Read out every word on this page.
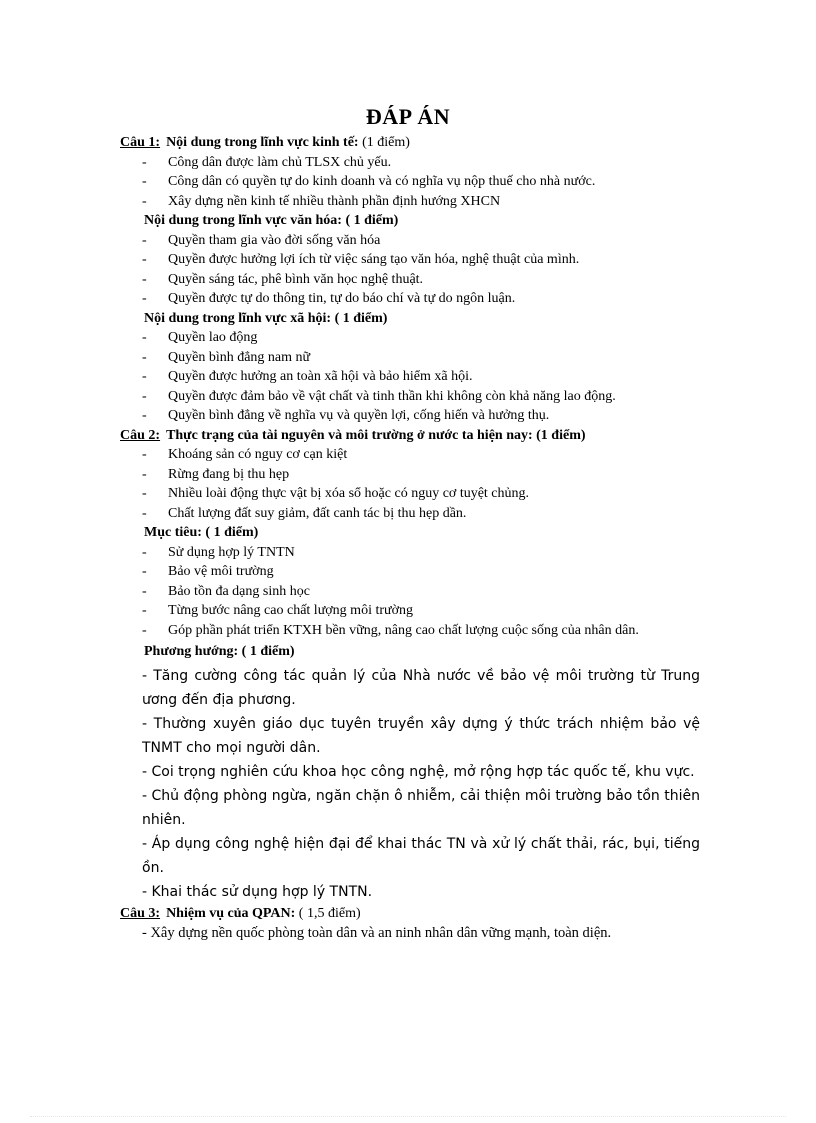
ĐÁP ÁN
Câu 1: Nội dung trong lĩnh vực kinh tế: (1 điểm)
- Công dân được làm chủ TLSX chủ yếu.
- Công dân có quyền tự do kinh doanh và có nghĩa vụ nộp thuế cho nhà nước.
- Xây dựng nền kinh tế nhiều thành phần định hướng XHCN
Nội dung trong lĩnh vực văn hóa: ( 1 điểm)
- Quyền tham gia vào đời sống văn hóa
- Quyền được hưởng lợi ích từ việc sáng tạo văn hóa, nghệ thuật của mình.
- Quyền sáng tác, phê bình văn học nghệ thuật.
- Quyền được tự do thông tin, tự do báo chí và tự do ngôn luận.
Nội dung trong lĩnh vực xã hội: ( 1 điểm)
- Quyền lao động
- Quyền bình đẳng nam nữ
- Quyền được hưởng an toàn xã hội và bảo hiểm xã hội.
- Quyền được đảm bảo về vật chất và tinh thần khi không còn khả năng lao động.
- Quyền bình đẳng về nghĩa vụ và quyền lợi, cống hiến và hưởng thụ.
Câu 2: Thực trạng của tài nguyên và môi trường ở nước ta hiện nay: (1 điểm)
- Khoáng sản có nguy cơ cạn kiệt
- Rừng đang bị thu hẹp
- Nhiều loài động thực vật bị xóa sổ hoặc có nguy cơ tuyệt chủng.
- Chất lượng đất suy giảm, đất canh tác bị thu hẹp dần.
Mục tiêu: ( 1 điểm)
- Sử dụng hợp lý TNTN
- Bảo vệ môi trường
- Bảo tồn đa dạng sinh học
- Từng bước nâng cao chất lượng môi trường
- Góp phần phát triển KTXH bền vững, nâng cao chất lượng cuộc sống của nhân dân.
Phương hướng: ( 1 điểm)
- Tăng cường công tác quản lý của Nhà nước về bảo vệ môi trường từ Trung ương đến địa phương.
- Thường xuyên giáo dục tuyên truyền xây dựng ý thức trách nhiệm bảo vệ TNMT cho mọi người dân.
- Coi trọng nghiên cứu khoa học công nghệ, mở rộng hợp tác quốc tế, khu vực.
- Chủ động phòng ngừa, ngăn chặn ô nhiễm, cải thiện môi trường bảo tồn thiên nhiên.
- Áp dụng công nghệ hiện đại để khai thác TN và xử lý chất thải, rác, bụi, tiếng ồn.
- Khai thác sử dụng hợp lý TNTN.
Câu 3: Nhiệm vụ của QPAN: ( 1,5 điểm)
- Xây dựng nền quốc phòng toàn dân và an ninh nhân dân vững mạnh, toàn diện.
